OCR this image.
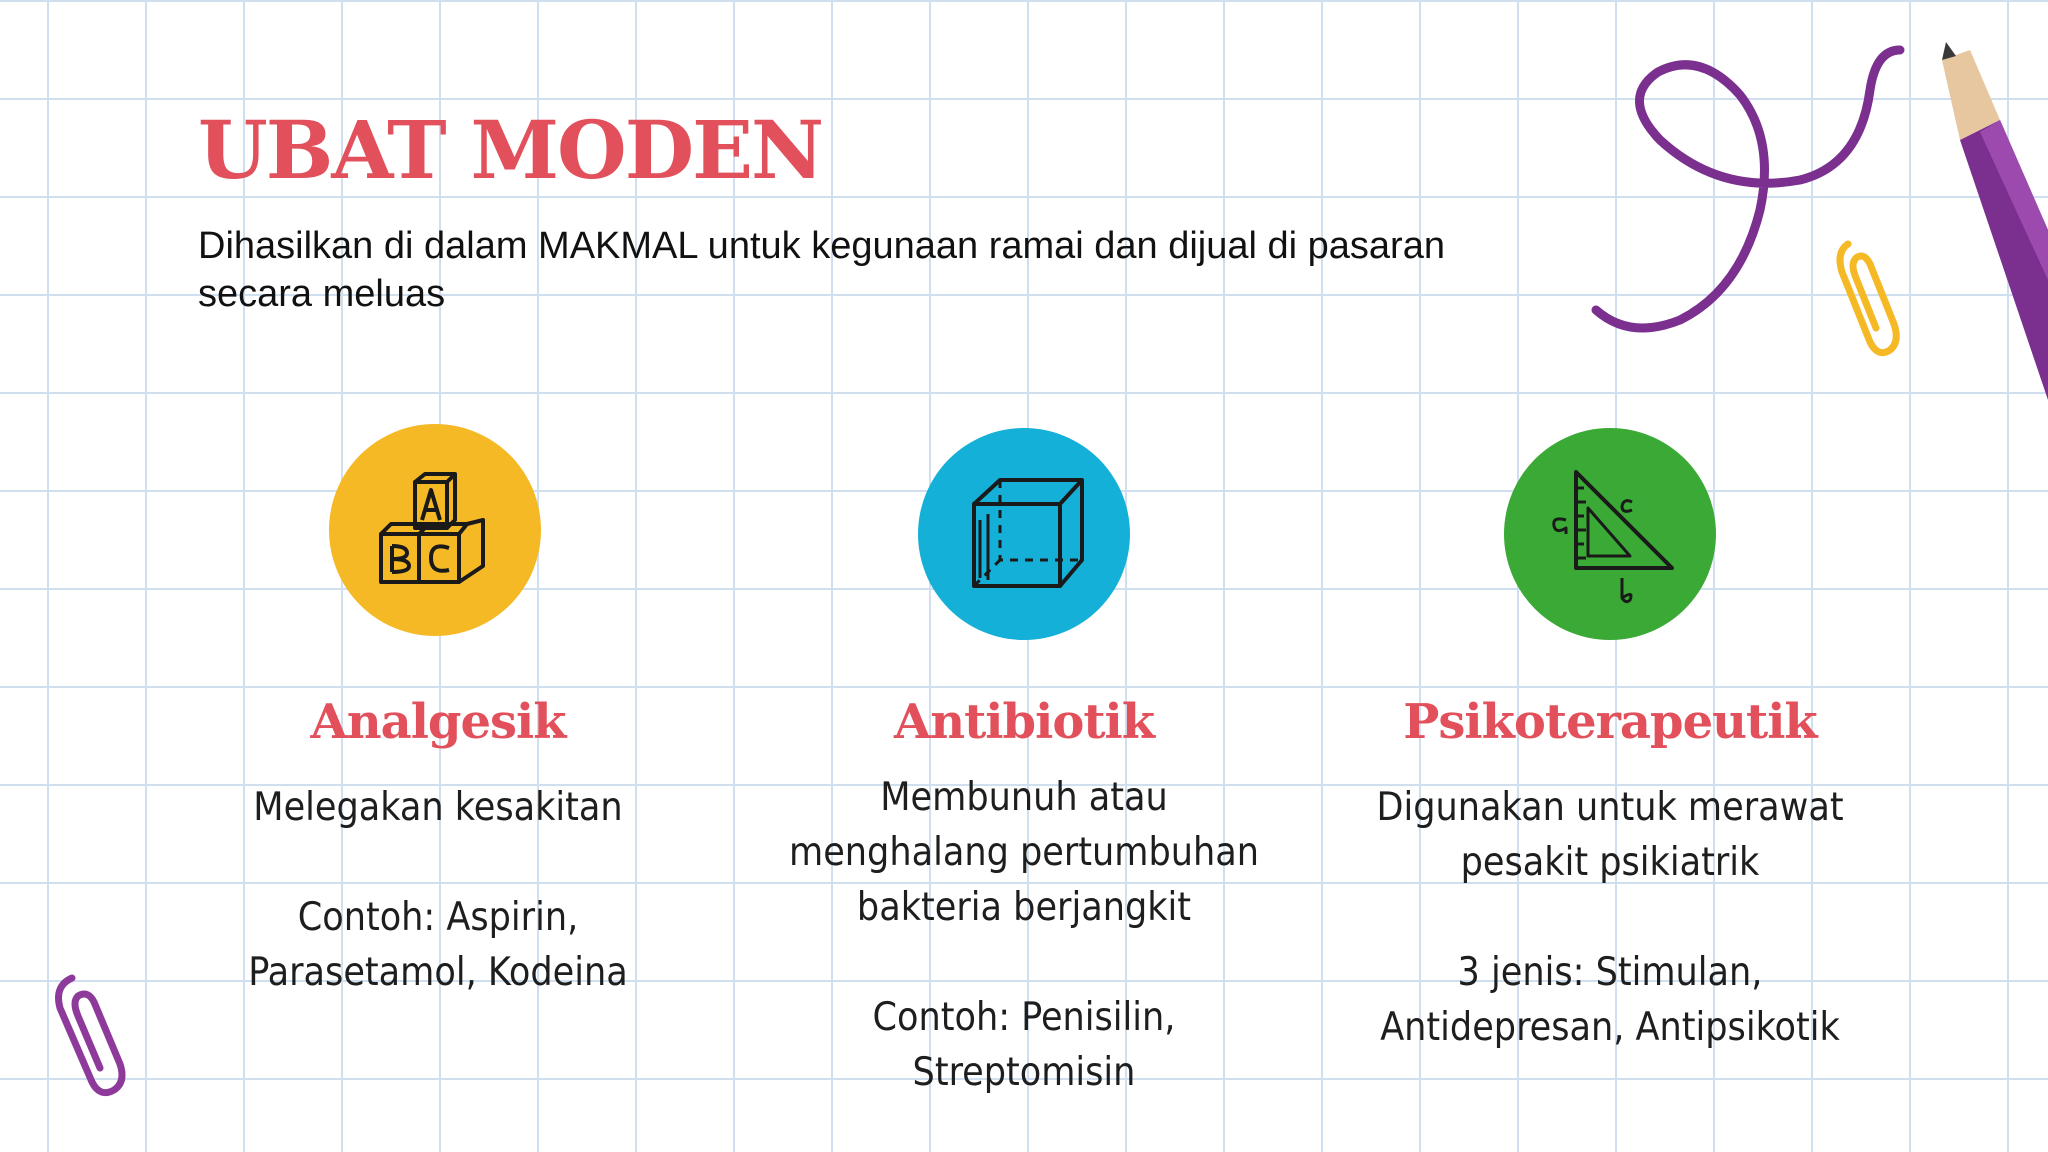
UBAT MODEN

Dihasilkan di dalam MAKMAL untuk kegunaan ramai dan dijual di pasaran secara meluas

Analgesik

Melegakan kesakitan

Contoh: Aspirin,
Parasetamol, Kodeina

Antibiotik

Membunuh atau
menghalang pertumbuhan
bakteria berjangkit

Contoh: Penisilin,
Streptomisin

Psikoterapeutik

Digunakan untuk merawat
pesakit psikiatrik

3 jenis: Stimulan,
Antidepresan, Antipsikotik
